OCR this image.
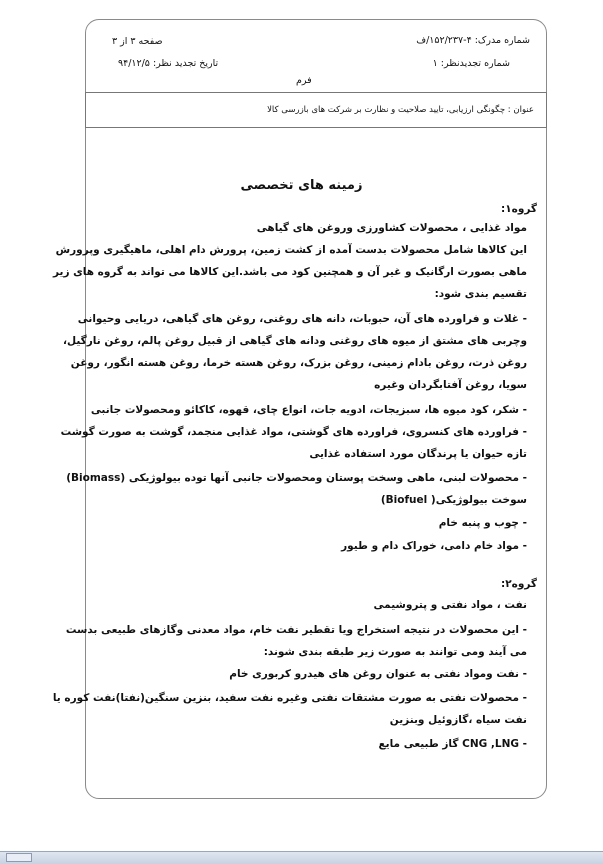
شماره مدرک: ۴-۱۵۲/۲۳۷/ف
شماره تجدیدنظر: ۱
صفحه ۳ از ۳
تاریخ تجدید نظر: ۹۴/۱۲/۵
فرم
عنوان : چگونگی ارزیابی، تایید صلاحیت و نظارت بر شرکت های بازرسی کالا
زمینه های تخصصی
گروه۱:
مواد غذایی ، محصولات کشاورزی وروغن های گیاهی
این کالاها شامل محصولات بدست آمده از کشت زمین، پرورش دام اهلی، ماهیگیری وپرورش
ماهی بصورت ارگانیک و غیر آن و همچنین کود می باشد.این کالاها می تواند به گروه های زیر
تقسیم بندی شود:
- غلات و فراورده های آن، حبوبات، دانه های روغنی، روغن های گیاهی، دریایی وحیوانی
وچربی های مشتق از میوه های روغنی ودانه های گیاهی از قبیل روغن پالم، روغن نارگیل،
روغن ذرت، روغن بادام زمینی، روغن بزرک، روغن هسته خرما، روغن هسته انگور، روغن
سویا، روغن آفتابگردان وغیره
- شکر، کود میوه ها، سبزیجات، ادویه جات، انواع چای، قهوه، کاکائو ومحصولات جانبی
- فراورده های کنسروی، فراورده های گوشتی، مواد غذایی منجمد، گوشت به صورت گوشت
تازه حیوان یا پرندگان مورد استفاده غذایی
- محصولات لبنی، ماهی وسخت پوستان ومحصولات جانبی آنها توده بیولوژیکی (Biomass)
سوخت بیولوژیکی( Biofuel)
- چوب و پنبه خام
- مواد خام دامی، خوراک دام و طیور
گروه۲:
نفت ، مواد نفتی و پتروشیمی
- این محصولات در نتیجه استخراج ویا تقطیر نفت خام، مواد معدنی وگازهای طبیعی بدست
می آیند ومی توانند به صورت زیر طبقه بندی شوند:
- نفت ومواد نفتی به عنوان روغن های هیدرو کربوری خام
- محصولات نفتی به صورت مشتقات نفتی وغیره نفت سفید، بنزین سنگین(نفتا)نفت کوره یا
نفت سیاه ،گازوئیل وبنزین
- CNG ,LNG گاز طبیعی مایع
